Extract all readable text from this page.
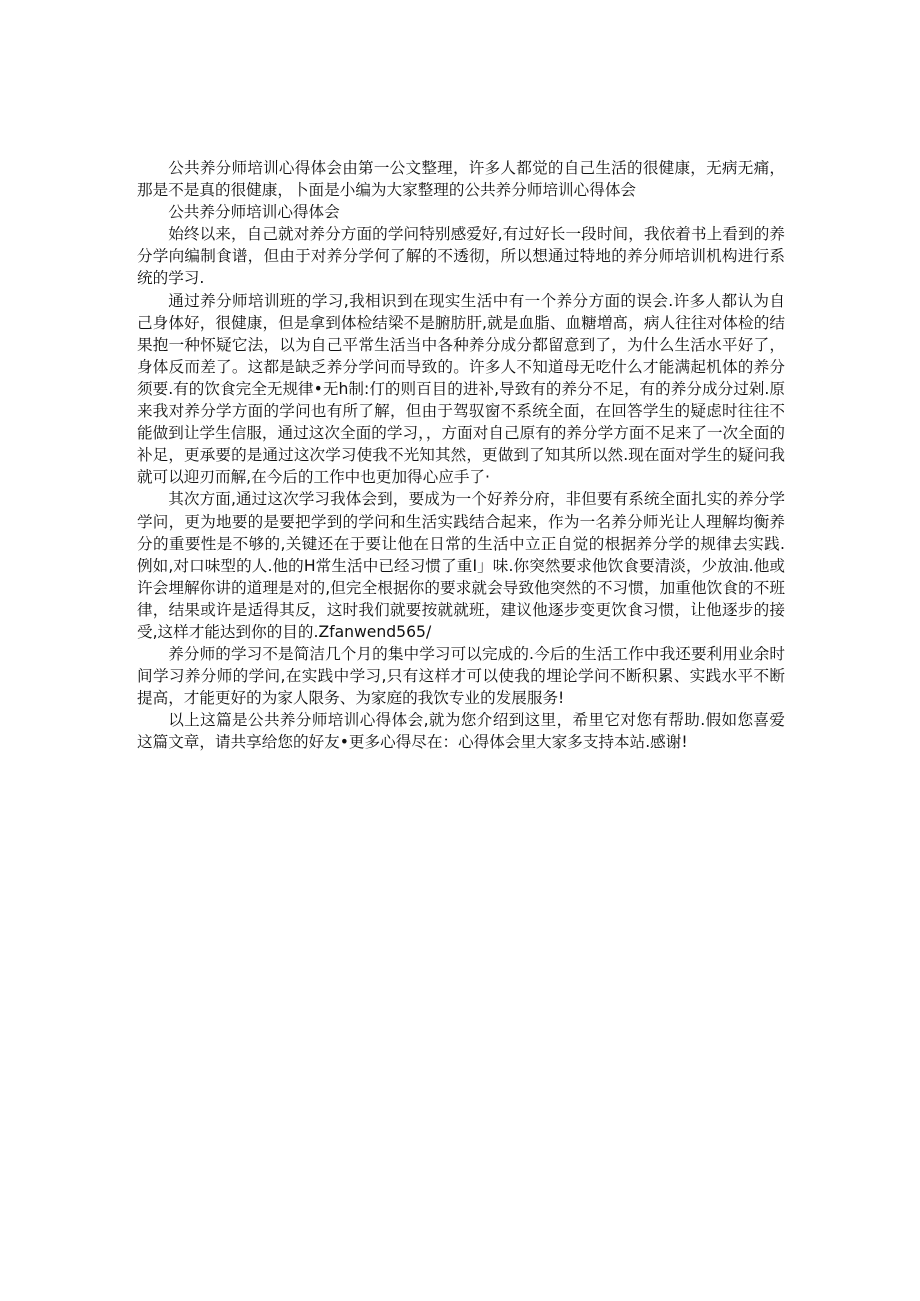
公共养分师培训心得体会由第一公文整理，许多人都觉的自己生活的很健康，无病无痛，那是不是真的很健康，卜面是小编为大家整理的公共养分师培训心得体会

公共养分师培训心得体会

始终以来，自己就对养分方面的学问特别感爱好,有过好长一段时间，我依着书上看到的养分学向编制食谱，但由于对养分学何了解的不透彻，所以想通过特地的养分师培训机构进行系统的学习.

通过养分师培训班的学习,我相识到在现实生活中有一个养分方面的误会.许多人都认为自己身体好，很健康，但是拿到体检结梁不是腑肪肝,就是血脂、血糖増髙，病人往往对体检的结果抱一种怀疑它法，以为自己平常生活当中各种养分成分都留意到了，为什么生活水平好了，身体反而差了。这都是缺乏养分学问而导致的。许多人不知道母无吃什么才能满起机体的养分须要.有的饮食完全无规律•无h制:仃的则百目的进补,导致有的养分不足，有的养分成分过剁.原来我对养分学方面的学问也有所了解，但由于驾驭窗不系统全面，在回答学生的疑虑时往往不能做到让学生信服，通过这次全面的学习，，方面对自己原有的养分学方面不足来了一次全面的补足，更承要的是通过这次学习使我不光知其然，更做到了知其所以然.现在面对学生的疑问我就可以迎刃而解,在今后的工作中也更加得心应手了·

其次方面,通过这次学习我体会到，要成为一个好养分府，非但要有系统全面扎实的养分学学问，更为地要的是要把学到的学问和生活实践结合起来，作为一名养分师光让人理解均衡养分的重要性是不够的,关键还在于要让他在日常的生活中立正自觉的根据养分学的规律去实践.例如,对口味型的人.他的H常生活中已经习惯了重I」味.你突然要求他饮食要清淡，少放油.他或许会埋解你讲的道理是对的,但完全根据你的要求就会导致他突然的不习惯，加重他饮食的不班律，结果或许是适得其反，这时我们就要按就就班，建议他逐步变更饮食习惯，让他逐步的接受,这样才能达到你的目的.Zfanwend565/

养分师的学习不是简洁几个月的集中学习可以完成的.今后的生活工作中我还要利用业余时间学习养分师的学问,在实践中学习,只有这样才可以使我的埋论学问不断积累、实践水平不断提高，才能更好的为家人限务、为家庭的我饮专业的发展服务!

以上这篇是公共养分师培训心得体会,就为您介绍到这里，希里它对您有帮助.假如您喜爱这篇文章，请共享给您的好友•更多心得尽在：心得体会里大家多支持本站.感谢!
